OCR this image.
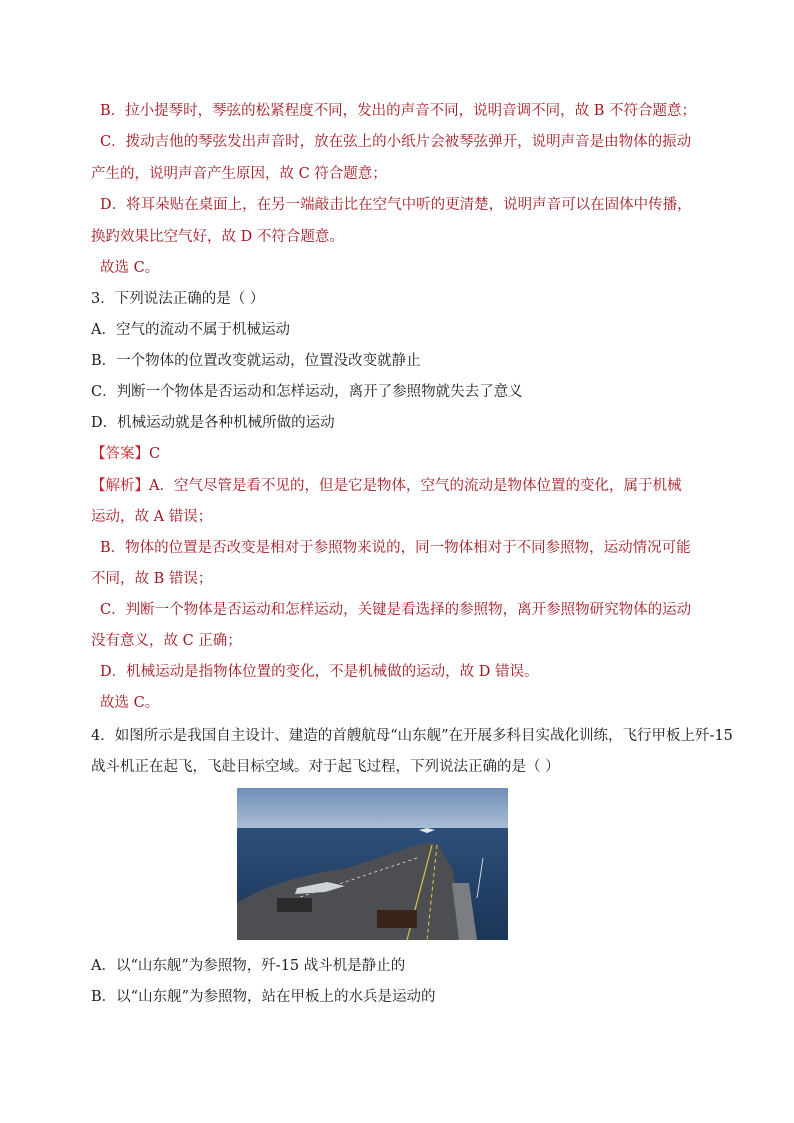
B．拉小提琴时，琴弦的松紧程度不同，发出的声音不同，说明音调不同，故 B 不符合题意；
C．拨动吉他的琴弦发出声音时，放在弦上的小纸片会被琴弦弹开，说明声音是由物体的振动
产生的，说明声音产生原因，故 C 符合题意；
D．将耳朵贴在桌面上，在另一端敲击比在空气中听的更清楚，说明声音可以在固体中传播，
换趵效果比空气好，故 D 不符合题意。
故选 C。
3．下列说法正确的是（ ）
A．空气的流动不属于机械运动
B．一个物体的位置改变就运动，位置没改变就静止
C．判断一个物体是否运动和怎样运动，离开了参照物就失去了意义
D．机械运动就是各种机械所做的运动
【答案】C
【解析】A．空气尽管是看不见的，但是它是物体，空气的流动是物体位置的变化，属于机械
运动，故 A 错误；
B．物体的位置是否改变是相对于参照物来说的，同一物体相对于不同参照物，运动情况可能
不同，故 B 错误；
C．判断一个物体是否运动和怎样运动，关键是看选择的参照物，离开参照物研究物体的运动
没有意义，故 C 正确；
D．机械运动是指物体位置的变化，不是机械做的运动，故 D 错误。
故选 C。
4．如图所示是我国自主设计、建造的首艘航母“山东舰”在开展多科目实战化训练，飞行甲板上歼-15
战斗机正在起飞，飞赴目标空域。对于起飞过程，下列说法正确的是（ ）
A．以“山东舰”为参照物，歼-15 战斗机是静止的
B．以“山东舰”为参照物，站在甲板上的水兵是运动的
